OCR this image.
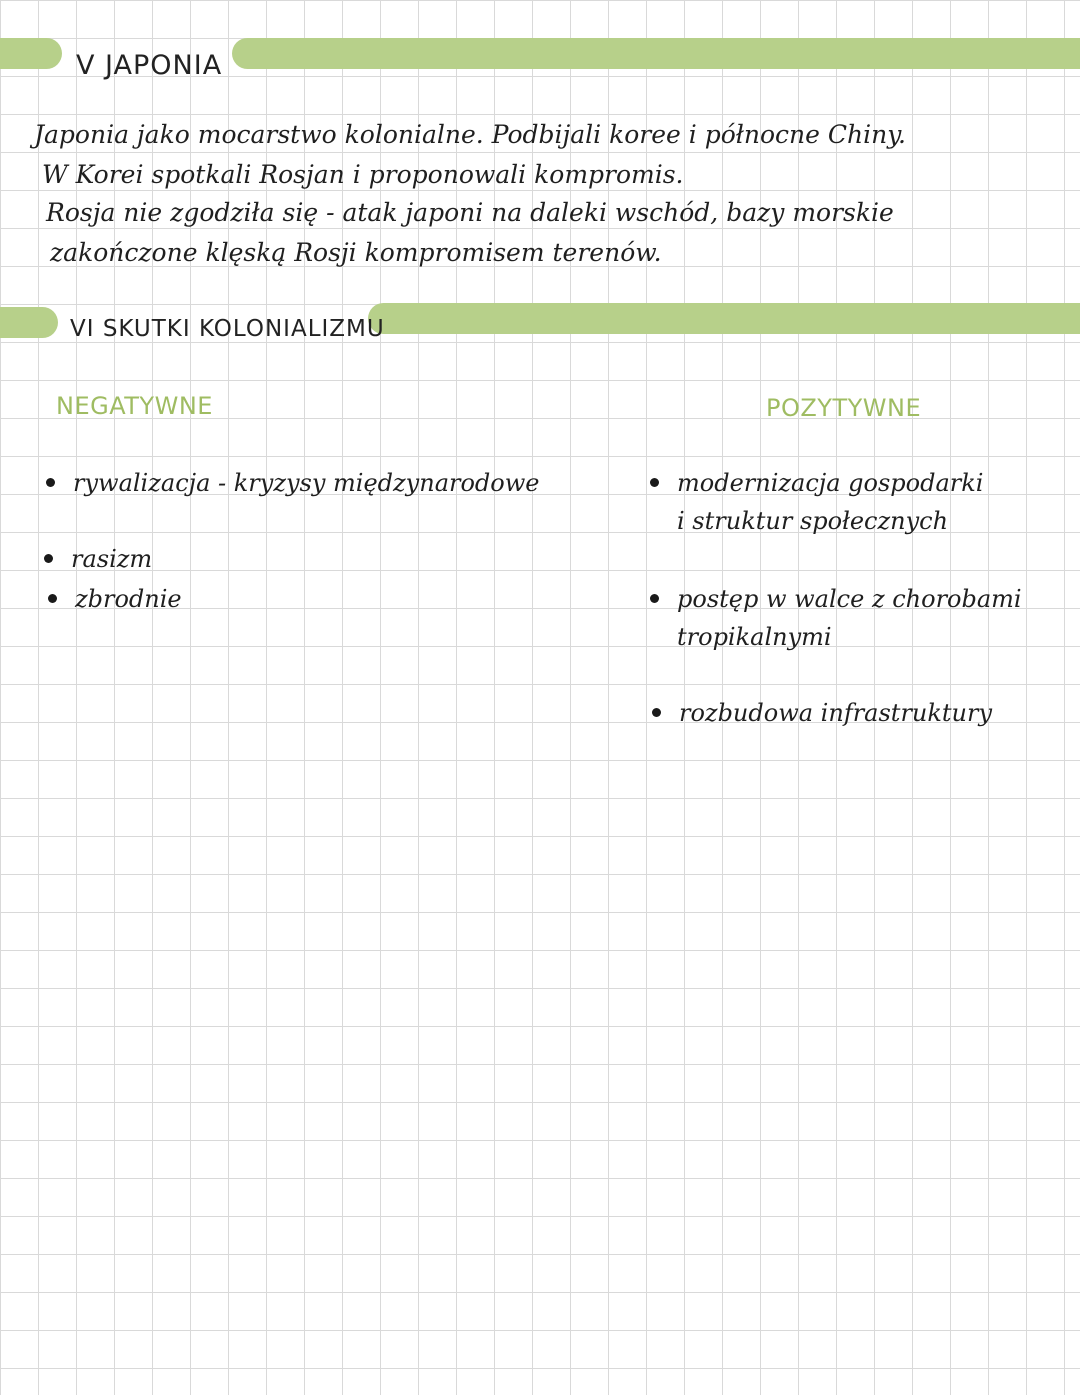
V JAPONIA

Japonia jako mocarstwo kolonialne. Podbijali koree i północne Chiny.

W Korei spotkali Rosjan i proponowali kompromis.

Rosja nie zgodziła się - atak japoni na daleki wschód, bazy morskie

zakończone klęską Rosji kompromisem terenów.

VI SKUTKI KOLONIALIZMU
NEGATYWNE
rywalizacja - kryzysy międzynarodowe
rasizm
zbrodnie
POZYTYWNE
modernizacja gospodarki
i struktur społecznych
postęp w walce z chorobami
tropikalnymi
rozbudowa infrastruktury
